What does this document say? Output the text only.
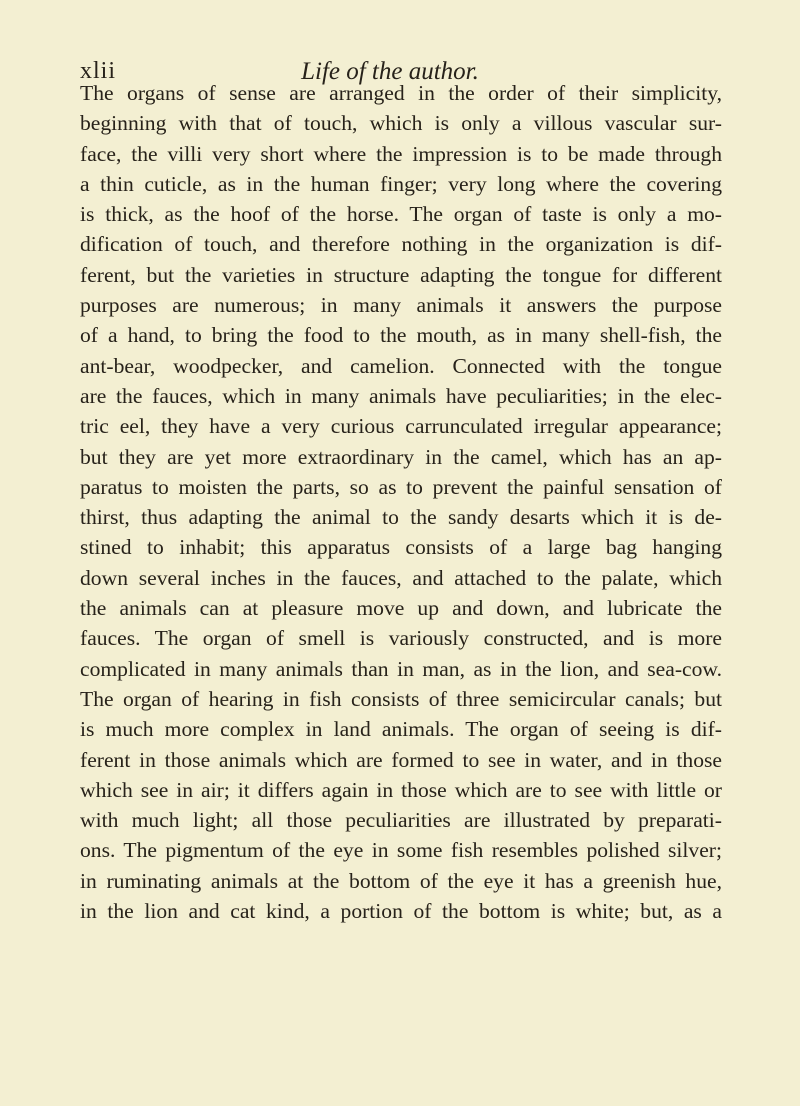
xlii	Life of the author.
The organs of sense are arranged in the order of their simplicity,
beginning with that of touch, which is only a villous vascular sur-
face, the villi very short where the impression is to be made through
a thin cuticle, as in the human finger; very long where the covering
is thick, as the hoof of the horse. The organ of taste is only a mo-
dification of touch, and therefore nothing in the organization is dif-
ferent, but the varieties in structure adapting the tongue for different
purposes are numerous; in many animals it answers the purpose
of a hand, to bring the food to the mouth, as in many shell-fish, the
ant-bear, woodpecker, and camelion. Connected with the tongue
are the fauces, which in many animals have peculiarities; in the elec-
tric eel, they have a very curious carrunculated irregular appearance;
but they are yet more extraordinary in the camel, which has an ap-
paratus to moisten the parts, so as to prevent the painful sensation of
thirst, thus adapting the animal to the sandy desarts which it is de-
stined to inhabit; this apparatus consists of a large bag hanging
down several inches in the fauces, and attached to the palate, which
the animals can at pleasure move up and down, and lubricate the
fauces. The organ of smell is variously constructed, and is more
complicated in many animals than in man, as in the lion, and sea-cow.
The organ of hearing in fish consists of three semicircular canals; but
is much more complex in land animals. The organ of seeing is dif-
ferent in those animals which are formed to see in water, and in those
which see in air; it differs again in those which are to see with little or
with much light; all those peculiarities are illustrated by preparati-
ons. The pigmentum of the eye in some fish resembles polished silver;
in ruminating animals at the bottom of the eye it has a greenish hue,
in the lion and cat kind, a portion of the bottom is white; but, as a
